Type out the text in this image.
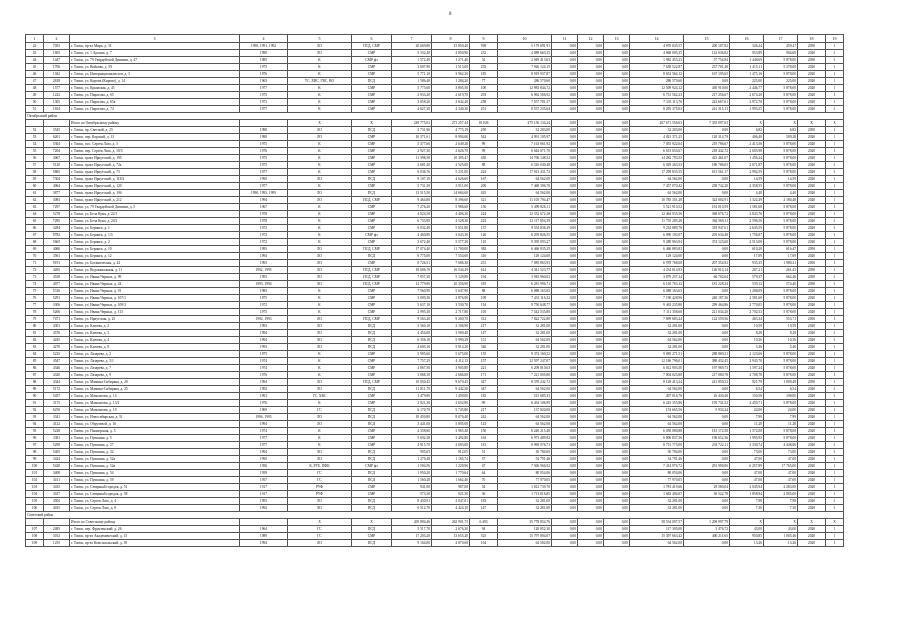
8
1	2	3	4	5	6	7	8	9	10	11	12	13	14	15	16	17	18	19
42	7053	г. Томск, пр-кт Мира, д. 31	1990, 1991, 1992	ЛО	ПСД, СМР	20 669,80	15 850,40	599	5 179 691,91	0,00	0,00	0,00	4 970 845,57	200 107,82	326,24	459,47	2050	1
43	1605	г. Томск, ул. 1 Архина, д. 7	1990	ЛО	СМР	5 332,40	4 850,90	232	4 089 663,35	0,00	0,00	0,00	4 068 005,35	122 036,82	953,89	904,60	2020	1
44	1447	г. Томск, ул. 79 Гвардейской Дивизии, д. 47	1985	К	СМР фз	1 572,40	1 271,40	52	2 049 413,63	0,00	0,00	0,00	1 982 453,23	57 754,84	1 448,69	5 878,00	2050	1
45	1706	г. Томск, ул. Войкова, д. 59	1975	К	СМР	3 607,90	1 515,00	255	7 926 124,15	0,00	0,00	0,00	7 658 522,87	237 701,48	1 415,11	5 378,00	2020	1
46	1042	г. Томск, ул. Интернационалистов, д. 3	1976	К	СМР	5 771,10	3 962,30	185	8 919 937,87	0,00	0,00	0,00	8 652 564,12	167 195,65	1 475,16	5 878,00	2020	1
47	2818	г. Томск, ул. Кирова (Кирово), д. 14	1963	ТС, ХВС, ГВС, ВО	ПСД	1 586,48	1 284,20	77	286 570,60	0,00	0,00	0,00	286 570,60	0,00	225,00	225,00	2020	1
48	1577	г. Томск, ул. Крымская, д. 45	1977	К	СМР	5 775,60	3 805,50	100	12 983 844,72	0,00	0,00	0,00	12 509 924,12	430 910,60	2 446,77	5 878,00	2020	1
49	1222	г. Томск, ул. Пирогова, д. 65	1975	К	СМР	2 933,20	2 619,70	293	6 964 566,92	0,00	0,00	0,00	6 731 562,23	217 256,67	2 674,20	5 878,00	2020	1
50	1305	г. Томск, ул. Пирогова, д. 65а	1973	К	СМР	3 058,20	2 642,40	258	7 557 781,37	0,00	0,00	0,00	7 333 113,76	222 667,61	2 972,70	5 878,00	2020	1
51	1654	г. Томск, ул. Пирогова, д. 74	1977	К	СМР	4 627,30	4 340,30	251	8 537 235,64	0,00	0,00	0,00	8 295 375,63	241 315,13	1 993,55	5 878,00	2020	1
Октябрьский район																		
		Итого по Октябрьскому району		Х	Х	249 775,03	271 257,44	10 026	275 156 134,24	0,00	0,00	0,00	267 671 556,63	7 355 097,63	Х	Х	Х	Х
52	3545	г. Томск, пр. Светлый, д. 25	1990	ЛО	ПСД	3 731,96	4 775,19	250	32 203,00	0,00	0,00	0,00	32 203,00	0,00	6,82	6,82	2050	1
53	6261	г. Томск, пер. Карский, д. 13	1990	ЛО	СМР	10 371,61	8 994,60	542	4 091 105,97	0,00	0,00	0,00	4 021 371,25	120 314,79	406,40	509,28	2020	1
54	5304	г. Томск, пос. Сергея Лазо, д. 3	1975	К	СМР	5 377,60	2 649,20	99	7 163 061,92	0,00	0,00	0,00	7 053 922,64	219 786,67	2 413,56	5 878,00	2020	1
55	7204	г. Томск, пер. Сергея Лазо, д. 10/5	1976	К	СМР	2 927,30	2 626,70	99	6 644 071,70	0,00	0,00	0,00	6 615 654,67	218 442,72	2 605,98	5 878,00	2020	1
56	4067	г. Томск, тракт Иркутский, д. 195	1975	К	СМР	11 398,30	10 395,47	430	14 706 148,52	0,00	0,00	0,00	14 282 793,55	423 461,07	1 456,24	5 878,00	2020	1
57	5120	г. Томск, тракт Иркутский, д. 72а	1975	К	СМР	2 681,40	2 525,00	88	6 316 049,48	0,00	0,00	0,00	6 029 263,53	186 786,05	2 671,87	5 878,00	2020	1
58	5865	г. Томск, тракт Иркутский, д. 73	1977	К	СМР	6 036,76	5 231,00	224	17 913 431,72	0,00	0,00	0,00	17 299 835,55	613 561,17	2 992,59	5 878,00	2020	1
59	7304	г. Томск, тракт Иркутский, д. 118/2	1995	ЛО	ПСД	9 107,10	4 626,60	167	64 562,00	0,00	0,00	0,00	64 562,00	0,00	14,59	14,59	2020	1
60	4064	г. Томск, тракт Иркутский, д. 120	1977	К	СМР	5 731,30	3 911,00	200	7 468 396,70	0,00	0,00	0,00	7 457 070,42	238 742,20	2 358,55	5 878,00	2020	1
61	3877	г. Томск, тракт Иркутский, д. 19б	1990, 1993, 1995	ЛО	ПСД	13 515,50	14 684,60	425	64 562,00	0,00	0,00	0,00	64 562,00	0,00	4,40	4,40	2020	1
62	3083	г. Томск, тракт Иркутский, д. 212	1994	ЛО	ПСД, СМР	9 464,80	8 396,60	321	11 105 794,47	0,00	0,00	0,00	10 785 351,28	322 002,91	1 322,49	2 180,48	2020	1
63	7297	г. Томск, ул. 79 Гвардейской Дивизии, д. 5	1967	К	СМР	7 276,20	5 986,60	156	5 499 826,11	0,00	0,00	0,00	5 521 910,52	161 010,59	1 581,68	5 878,00	2020	1
64	5278	г. Томск, ул. Бела Куна, д. 22/1	1978	К	СМР	4 024,50	4 406,30	224	12 532 672,28	0,00	0,00	0,00	12 464 935,56	368 676,72	2 843,76	5 878,00	2020	1
65	7285	г. Томск, ул. Бела Куна, д. 24/2	1978	К	СМР	6 733,90	4 528,30	224	12 117 854,39	0,00	0,00	0,00	11 755 285,28	362 569,11	2 596,56	5 878,00	2020	1
66	3284	г. Томск, ул. Беринга, д. 1	1972	К	СМР	6 032,40	5 651,80	137	9 554 836,39	0,00	0,00	0,00	9 234 889,78	319 947,61	2 645,59	5 878,00	2020	1
67	9782	г. Томск, ул. Беринга, д. 1/3	1972	К	СМР фз	4 460,80	3 643,30	126	6 293 826,55	0,00	0,00	0,00	6 090 192,07	203 634,48	1 756,87	5 878,00	2020	1
68	5665	г. Томск, ул. Беринга, д. 2	1972	К	СМР	3 672,40	5 577,30	110	9 395 093,27	0,00	0,00	0,00	9 280 963,94	374 123,60	2 513,08	5 878,00	2020	1
69	4060	г. Томск, ул. Беринга, д. 10	1993	ЛО	ПСД, СМР	17 074,40	11 700,00	382	6 466 835,25	0,00	0,00	0,00	6 466 883,83	0,00	610,28	616,47	2050	1
70	3561	г. Томск, ул. Беринга, д. 12	1994	ЛО	ПСД	8 775,00	7 554,00	316	129 124,00	0,00	0,00	0,00	129 124,00	0,00	17,09	17,09	2020	1
71	9191	г. Томск, ул. Ботаническая, д. 44	1993	ЛО	СМР	8 726,51	7 686,30	231	7 085 863,93	0,00	0,00	0,00	6 978 768,00	207 354,92	935,35	1 980,21	2050	1
72	4265	г. Томск, ул. Водоканальная, д. 11	1992, 1995	ЛО	ПСД, СМР	18 606,70	16 544,29	614	4 341 523,77	0,00	0,00	0,00	4 234 614,93	126 914,14	267,21	261,43	2050	1
73	4538	г. Томск, ул. Ивана Черных, д. 99	1993	ЛО	ПСД, СМР	7 057,30	5 129,80	194	3 945 960,03	0,00	0,00	0,00	3 879 257,14	66 702,64	579,37	662,46	2050	1
74	4977	г. Томск, ул. Ивана Черных, д. 24	1993, 1994	ЛО	ПСД, СМР	12 779,80	10 356,90	319	6 281 996,71	0,00	0,00	0,00	6 165 763,12	181 228,34	539,12	574,40	2050	1
75	5316	г. Томск, ул. Ивана Черных, д. 91	1983	К	СМР	7 560,90	5 647,90	88	6 088 163,65	0,00	0,00	0,00	6 088 163,65	0,00	1 208,09	5 878,00	2020	1
76	5291	г. Томск, ул. Ивана Черных, д. 107/1	1975	К	СМР	3 009,30	2 876,90	109	7 431 116,32	0,00	0,00	0,00	7 190 428,96	240 187,36	2 581,60	5 878,00	2020	1
77	3306	г. Томск, ул. Ивана Черных, д. 109/3	1972	К	СМР	5 637,10	3 530,70	154	9 750 648,77	0,00	0,00	0,00	9 463 235,80	299 464,86	2 770,05	5 878,00	2020	1
78	5266	г. Томск, ул. Ивана Черных, д. 113	1975	К	СМР	2 995,30	2 717,80	105	7 542 535,80	0,00	0,00	0,00	7 111 358,60	221 034,20	2 702,53	5 878,00	2020	1
79	7471	г. Томск, ул. Иркутская, д. 25	1992, 1993	ЛО	ПСД, СМР	9 563,20	9 269,70	312	7 822 722,80	0,00	0,00	0,00	7 699 683,24	122 559,56	463,34	553,71	2050	1
80	4301	г. Томск, ул. Клюева, д. 2	1993	ЛО	ПСД	3 560,10	2 106,90	217	32 281,00	0,00	0,00	0,00	32 281,00	0,00	10,59	10,59	2020	1
81	4576	г. Томск, ул. Клюева, д. 3	1994	ЛО	ПСД	4 454,00	3 900,40	147	32 281,00	0,00	0,00	0,00	32 281,00	0,00	8,28	8,28	2020	1
82	4245	г. Томск, ул. Клюева, д. 4	1994	ЛО	ПСД	6 356,18	5 990,28	151	64 562,00	0,00	0,00	0,00	64 562,00	0,00	10,36	10,36	2020	1
83	4270	г. Томск, ул. Клюева, д. 8	1993	ЛО	ПСД	4 603,10	5 914,20	346	32 281,00	0,00	0,00	0,00	32 281,00	0,00	5,46	5,46	2020	1
84	5225	г. Томск, ул. Лазарева, д. 2	1975	К	СМР	5 995,60	5 675,00	155	9 374 160,52	0,00	0,00	0,00	9 085 271,51	288 869,21	2 123,66	5 878,00	2020	1
85	4547	г. Томск, ул. Лазарева, д. 5/1	1974	К	СМР	7 757,25	4 112,15	157	12 597 247,07	0,00	0,00	0,00	12 186 796,01	380 432,45	2 945,70	5 878,00	2020	1
86	4346	г. Томск, ул. Лазарева, д. 7	1974	К	СМР	4 867,50	3 905,80	221	6 209 810,63	0,00	0,00	0,00	6 012 903,50	197 969,73	1 597,24	5 878,00	2020	1
87	4320	г. Томск, ул. Лазарева, д. 9	1976	К	СМР	3 068,10	2 666,00	171	7 221 005,80	0,00	0,00	0,00	7 004 025,80	217 080,78	2 708,78	5 878,00	2020	1
88	4344	г. Томск, ул. Мамина-Сибиряка, д. 20	1994	ЛО	ПСД, СМР	10 050,45	9 670,45	347	8 370 242,72	0,00	0,00	0,00	8 128 413,24	241 850,52	921,79	1 009,48	2050	1
89	5172	г. Томск, ул. Мамина-Сибиряка, д. 25	1992	ЛО	ПСД	11 811,70	9 442,50	347	64 562,00	0,00	0,00	0,00	64 562,00	0,00	6,54	6,54	2020	1
90	5457	г. Томск, ул. Мамонтова, д. 14	1991	ГС, ХВС	СМР	1 479,80	1 459,00	182	513 685,33	0,00	0,00	0,00	497 016,78	16 430,48	150,58	108,00	2020	1
91	3175	г. Томск, ул. Мамонтова, д. 13/2	1976	К	СМР	2 921,30	2 652,80	99	6 454 106,99	0,00	0,00	0,00	6 243 355,86	195 731,52	2 450,71	5 878,00	2020	1
92	6250	г. Томск, ул. Мамонтова, д. 19	1969	ГС	ПСД	6 170,70	5 745,80	217	137 820,00	0,00	0,00	0,00	153 665,56	5 934,24	24,00	24,00	2020	1
93	3341	г. Томск, ул. Новосибирская, д. 51	1994, 1995	ЛО	ПСД	10 450,80	8 076,40	242	64 562,00	0,00	0,00	0,00	64 562,00	0,00	7,99	7,99	2020	1
94	4122	г. Томск, ул. Обручевой, д. 10	1994	ЛО	ПСД	3 441,00	5 805,00	143	64 562,00	0,00	0,00	0,00	64 562,00	0,00	11,20	11,20	2020	1
95	5228	г. Томск, ул. Пионерская, д. 5	1974	К	СМР	4 358,60	3 965,40	150	6 240 215,40	0,00	0,00	0,00	6 050 080,88	181 172,50	1 572,00	5 878,00	2020	1
96	3381	г. Томск, ул. Пушкина, д. 5	1977	К	СМР	5 692,30	3 492,80	163	6 973 489,92	0,00	0,00	0,00	6 806 837,56	196 652,36	1 995,95	5 878,00	2020	1
97	5298	г. Томск, ул. Пушкина, д. 27	1977	К	СМР	4 915,70	2 693,00	181	8 969 076,71	0,00	0,00	0,00	8 713 775,00	233 722,11	3 330,74	4 448,06	2020	1
98	5405	г. Томск, ул. Пушкина, д. 32	1994	ЛО	ПСД	905,65	812,05	51	30 784,00	0,00	0,00	0,00	30 784,00	0,00	73,00	73,00	2020	1
99	3424	г. Томск, ул. Пушкина, д. 52а	1995	ЛО	ПСД	1 279,48	1 165,74	57	54 791,46	0,00	0,00	0,00	54 791,46	0,00	47,00	47,00	2020	1
100	5420	г. Томск, ул. Пушкина, д. 52в	1956	К, РУБ, ПФК	СМР фз	1 504,56	1 229,96	47	7 506 966,92	0,00	0,00	0,00	7 414 976,72	291 990,06	6 257,89	17 765,00	2020	1
101	3408	г. Томск, ул. Пушкина, д. 54	1959	ГС	ПСД	1 950,20	1 770,64	64	80 054,06	0,00	0,00	0,00	80 054,06	0,00	47,00	47,00	2020	1
102	3411	г. Томск, ул. Пушкина, д. 59	1957	ГС	ПСД	1 560,28	1 662,40	70	77 970,05	0,00	0,00	0,00	77 970,05	0,00	47,00	47,00	2020	1
103	3435	г. Томск, ул. Северный городок, д. 51	1917	РУФ	СМР	941,00	987,00	54	1 812 739,70	0,00	0,00	0,00	1 781 419,66	29 580,04	2 045,94	2 283,00	2020	1
104	3017	г. Томск, ул. Северный городок, д. 58	1917	РУФ	СМР	573,50	921,50	36	1 713 016,85	0,00	0,00	0,00	1 682 494,07	30 522,78	1 858,94	2 085,00	2020	1
105	4504	г. Томск, ул. Сергея Лазо, д. 4	1993	ЛО	ПСД	8 430,91	4 047,01	183	32 281,00	0,00	0,00	0,00	32 281,00	0,00	7,98	7,98	2020	1
106	4015	г. Томск, ул. Сергея Лазо, д. 8	1992	ЛО	ПСД	6 512,70	4 424,10	147	32 281,00	0,00	0,00	0,00	32 281,00	0,00	7,30	7,30	2020	1
Советский район																		
		Итого по Советскому району		Х	Х	205 894,46	262 901,75	6 493	35 778 854,76	0,00	0,00	0,00	58 534 097,57	1 209 997,79	Х	Х	Х	Х
107	2485	г. Томск, пер. Фрунзенский, д. 26	1964	ГС	ПСД	5 517,70	2 676,30	94	120 852,30	0,00	0,00	0,00	117 395,08	3 476,72	43,00	43,00	2020	1
108	3012	г. Томск, пр-кт Академический, д. 15	1989	ГС	СМР	17 203,20	13 655,20	525	15 797 894,07	0,00	0,00	0,00	15 397 663,42	400 211,65	950,85	1 005,46	2020	1
109	1255	г. Томск, пр-кт Комсомольский, д. 39	1994	ЛО	ПСД	9 164,00	4 870,60	164	64 562,00	0,00	0,00	0,00	64 562,00	0,00	13,26	13,26	2020	1
